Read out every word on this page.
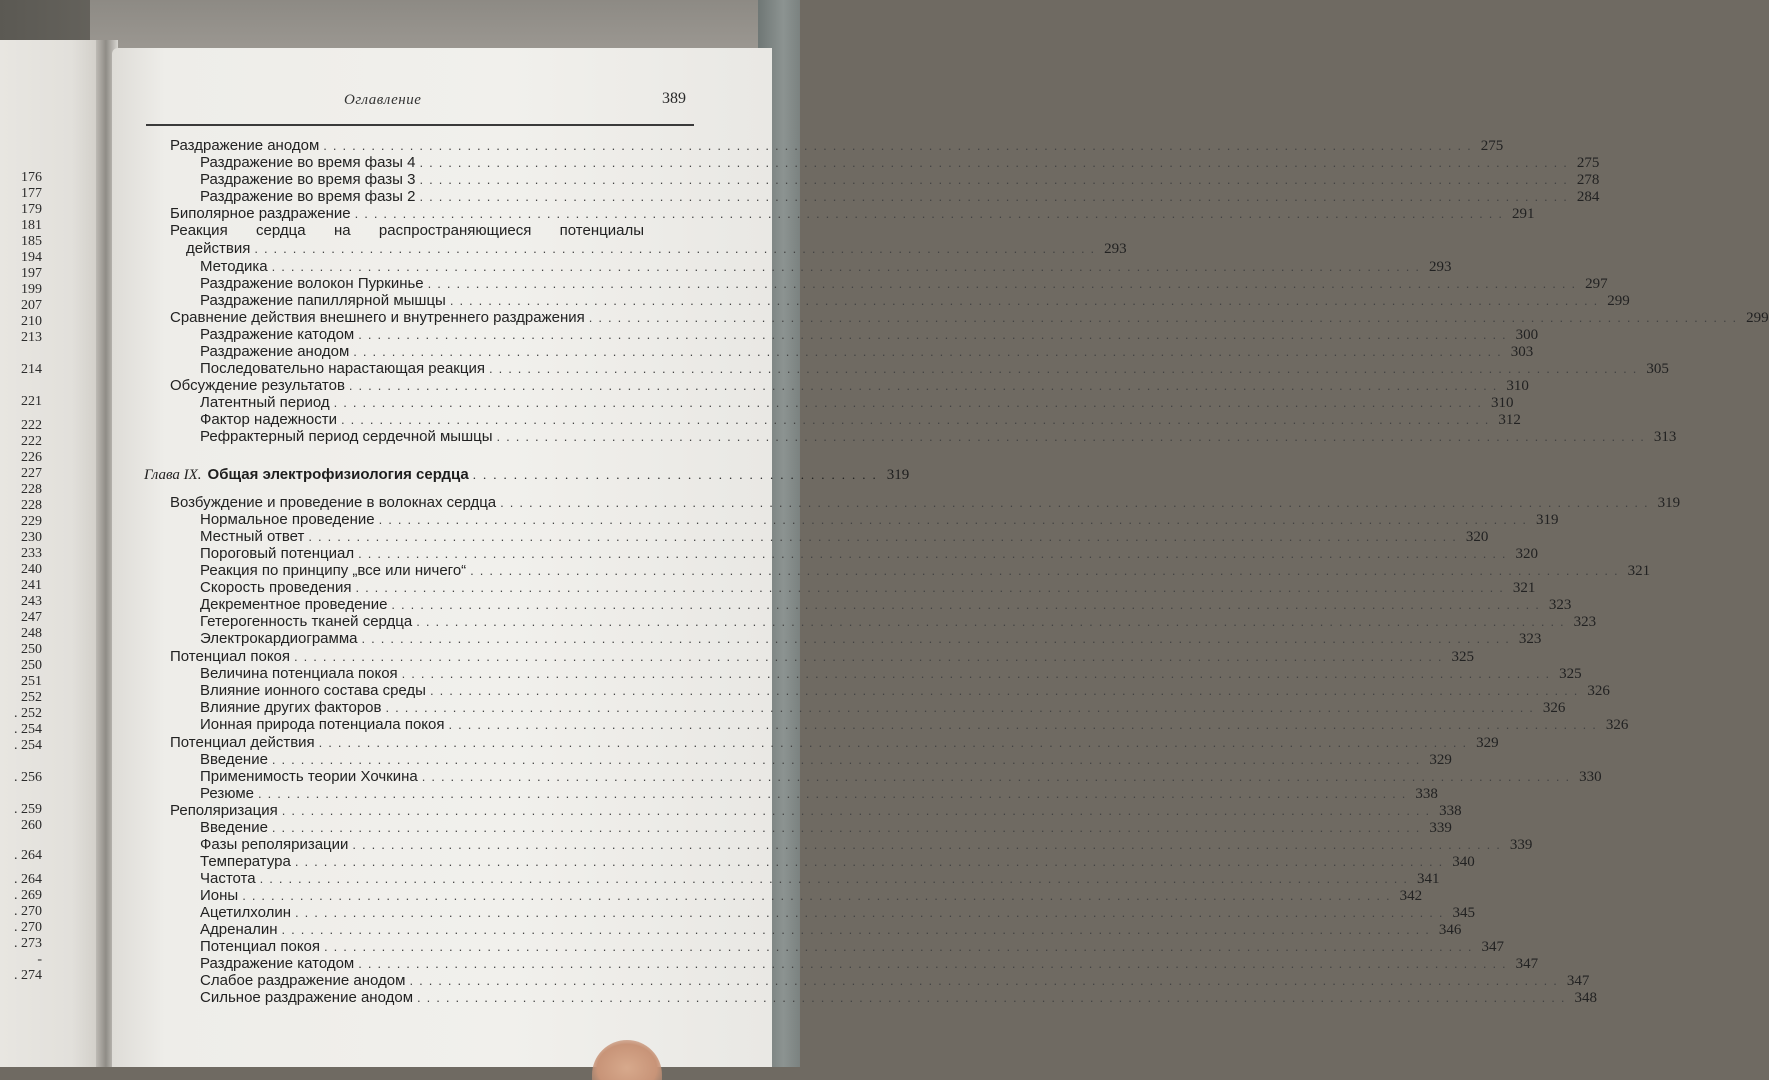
176
177
179
181
185
194
197
199
207
210
213
214
221
222
222
226
227
228
228
229
230
233
240
241
243
247
248
250
250
251
252
. 252
. 254
. 254
. 256
. 259
260
. 264
. 264
. 269
. 270
. 270
. 273
-
. 274
Оглавление	389
Реакция сердца на распространяющиеся потенциалы
действия ........................................................................................ 293
Глава IX. Общая электрофизиология сердца ........................................ 319
Раздражение анодом ........................................................................................................................ 275
Раздражение во время фазы 4 ........................................................................................................................ 275
Раздражение во время фазы 3 ........................................................................................................................ 278
Раздражение во время фазы 2 ........................................................................................................................ 284
Биполярное раздражение ........................................................................................................................ 291
Методика ........................................................................................................................ 293
Раздражение волокон Пуркинье ........................................................................................................................ 297
Раздражение папиллярной мышцы ........................................................................................................................ 299
Сравнение действия внешнего и внутреннего раздражения ........................................................................................................................ 299
Раздражение катодом ........................................................................................................................ 300
Раздражение анодом ........................................................................................................................ 303
Последовательно нарастающая реакция ........................................................................................................................ 305
Обсуждение результатов ........................................................................................................................ 310
Латентный период ........................................................................................................................ 310
Фактор надежности ........................................................................................................................ 312
Рефрактерный период сердечной мышцы ........................................................................................................................ 313
Возбуждение и проведение в волокнах сердца ........................................................................................................................ 319
Нормальное проведение ........................................................................................................................ 319
Местный ответ ........................................................................................................................ 320
Пороговый потенциал ........................................................................................................................ 320
Реакция по принципу „все или ничего“ ........................................................................................................................ 321
Скорость проведения ........................................................................................................................ 321
Декрементное проведение ........................................................................................................................ 323
Гетерогенность тканей сердца ........................................................................................................................ 323
Электрокардиограмма ........................................................................................................................ 323
Потенциал покоя ........................................................................................................................ 325
Величина потенциала покоя ........................................................................................................................ 325
Влияние ионного состава среды ........................................................................................................................ 326
Влияние других факторов ........................................................................................................................ 326
Ионная природа потенциала покоя ........................................................................................................................ 326
Потенциал действия ........................................................................................................................ 329
Введение ........................................................................................................................ 329
Применимость теории Хочкина ........................................................................................................................ 330
Резюме ........................................................................................................................ 338
Реполяризация ........................................................................................................................ 338
Введение ........................................................................................................................ 339
Фазы реполяризации ........................................................................................................................ 339
Температура ........................................................................................................................ 340
Частота ........................................................................................................................ 341
Ионы ........................................................................................................................ 342
Ацетилхолин ........................................................................................................................ 345
Адреналин ........................................................................................................................ 346
Потенциал покоя ........................................................................................................................ 347
Раздражение катодом ........................................................................................................................ 347
Слабое раздражение анодом ........................................................................................................................ 347
Сильное раздражение анодом ........................................................................................................................ 348
